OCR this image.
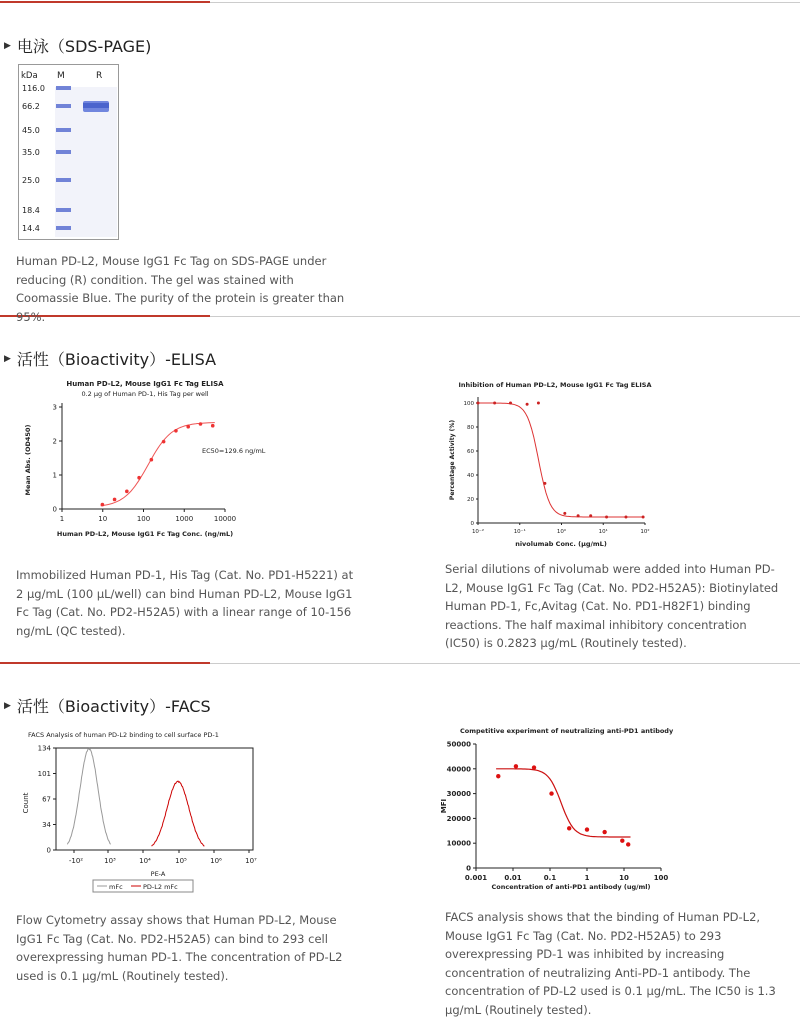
▶ 电泳（SDS-PAGE)
▶ 活性（Bioactivity）-ELISA
▶ 活性（Bioactivity）-FACS
kDa M	R
116.0
66.2
45.0
35.0
25.0
18.4
14.4
Human PD-L2, Mouse IgG1 Fc Tag on SDS-PAGE under reducing (R) condition. The gel was stained with Coomassie Blue. The purity of the protein is greater than 95%.
Immobilized Human PD-1, His Tag (Cat. No. PD1-H5221) at 2 μg/mL (100 μL/well) can bind Human PD-L2, Mouse IgG1 Fc Tag (Cat. No. PD2-H52A5) with a linear range of 10-156 ng/mL (QC tested).
Serial dilutions of nivolumab were added into Human PD-L2, Mouse IgG1 Fc Tag (Cat. No. PD2-H52A5): Biotinylated Human PD-1, Fc,Avitag (Cat. No. PD1-H82F1) binding reactions. The half maximal inhibitory concentration (IC50) is 0.2823 μg/mL (Routinely tested).
Flow Cytometry assay shows that Human PD-L2, Mouse IgG1 Fc Tag (Cat. No. PD2-H52A5) can bind to 293 cell overexpressing human PD-1. The concentration of PD-L2 used is 0.1 μg/mL (Routinely tested).
FACS analysis shows that the binding of Human PD-L2, Mouse IgG1 Fc Tag (Cat. No. PD2-H52A5) to 293 overexpressing PD-1 was inhibited by increasing concentration of neutralizing Anti-PD-1 antibody. The concentration of PD-L2 used is 0.1 μg/mL. The IC50 is 1.3 μg/mL (Routinely tested).
Human PD-L2, Mouse IgG1 Fc Tag ELISA
0.2 μg of Human PD-1, His Tag per well
0
1
2
3
1	10	100	1000	10000
Human PD-L2, Mouse IgG1 Fc Tag Conc. (ng/mL)
Mean Abs. (OD450)	EC50=129.6 ng/mL
Inhibition of Human PD-L2, Mouse IgG1 Fc Tag ELISA
0
20
40
60
80
100
10⁻²	10⁻¹	10⁰	10¹	10²
nivolumab Conc. (μg/mL)
Percentage Activity (%)
FACS Analysis of human PD-L2 binding to cell surface PD-1
0
34
67
101
134
-10²	10³	10⁴	10⁵	10⁶	10⁷
PE-A
Count
mFc	PD-L2 mFc
Competitive experiment of neutralizing anti-PD1 antibody
0
10000
20000
30000
40000
50000
0.001 0.01	0.1	1	10	100
Concentration of anti-PD1 antibody (ug/ml)
MFI
